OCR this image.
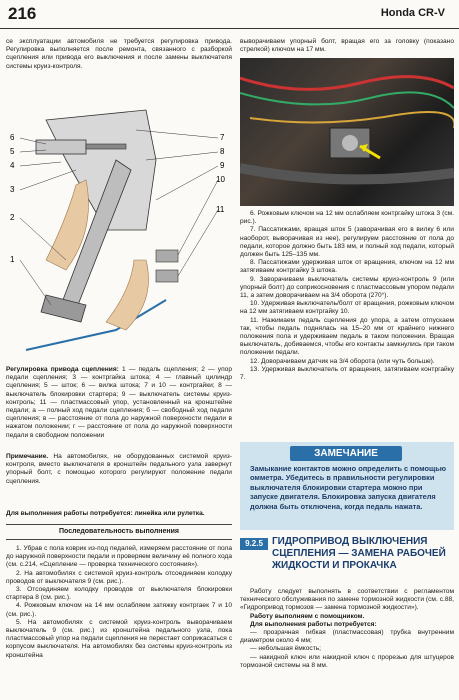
216	Honda CR-V

се эксплуатации автомобиля не требуется регулировка привода. Регулировка выполняется после ремонта, связанного с разборкой сцепления или привода его выключения и после замены выключателя системы круиз-контроля.

6
5
4
3
2
1
7
8
9
10
11

Регулировка привода сцепления: 1 — педаль сцепления; 2 — упор педали сцепления; 3 — контргайка штока; 4 — главный цилиндр сцепления; 5 — шток; 6 — вилка штока; 7 и 10 — контргайки; 8 — выключатель блокировки стартера; 9 — выключатель системы круиз-контроль; 11 — пластмассовый упор, установленный на кронштейне педали; а — полный ход педали сцепления; б — свободный ход педали сцепления; в — расстояние от пола до наружной поверхности педали в нажатом положении; г — расстояние от пола до наружной поверхности педали в свободном положении

Примечание. На автомобилях, не оборудованных системой круиз-контроля, вместо выключателя в кронштейн педального узла завернут упорный болт, с помощью которого регулируют положение педали сцепления.

Для выполнения работы потребуется: линейка или рулетка.
Последовательность выполнения

1. Убрав с пола коврик из-под педалей, измеряем расстояние от пола до наружной поверхности педали и проверяем величину её полного хода (см. с.214, «Сцепление — проверка технического состояния»).

2. На автомобилях с системой круиз-контроль отсоединяем колодку проводов от выключателя 9 (см. рис.).

3. Отсоединяем колодку проводов от выключателя блокировки стартера 8 (см. рис.).

4. Рожковым ключом на 14 мм ослабляем затяжку контргаек 7 и 10 (см. рис.).

5. На автомобилях с системой круиз-контроль выворачиваем выключатель 9 (см. рис.) из кронштейна педального узла, пока пластмассовый упор на педали сцепления не перестает соприкасаться с корпусом выключателя. На автомобилях без системы круиз-контроль из кронштейна

выворачиваем упорный болт, вращая его за головку (показано стрелкой) ключом на 17 мм.

6. Рожковым ключом на 12 мм ослабляем контргайку штока 3 (см. рис.).

7. Пассатижами, вращая шток 5 (заворачивая его в вилку 6 или наоборот, выворачивая из нее), регулируем расстояние от пола до педали, которое должно быть 183 мм, и полный ход педали, который должен быть 125–135 мм.

8. Пассатижами удерживая шток от вращения, ключом на 12 мм затягиваем контргайку 3 штока.

9. Заворачиваем выключатель системы круиз-контроль 9 (или упорный болт) до соприкосновения с пластмассовым упором педали 11, а затем доворачиваем на 3/4 оборота (270°).

10. Удерживая выключатель/болт от вращения, рожковым ключом на 12 мм затягиваем контргайку 10.

11. Нажимаем педаль сцепления до упора, а затем отпускаем так, чтобы педаль поднялась на 15–20 мм от крайнего нижнего положения пола и удерживаем педаль в таком положении. Вращая выключатель, добиваемся, чтобы его контакты замкнулись при таком положении педали.

12. Доворачиваем датчик на 3/4 оборота (или чуть больше).

13. Удерживая выключатель от вращения, затягиваем контргайку 7.

ЗАМЕЧАНИЕ
Замыкание контактов можно определить с помощью омметра. Убедитесь в правильности регулировки выключателя блокировки стартера можно при запуске двигателя. Блокировка запуска двигателя должна быть отключена, когда педаль нажата.
9.2.5 ГИДРОПРИВОД ВЫКЛЮЧЕНИЯ СЦЕПЛЕНИЯ — ЗАМЕНА РАБОЧЕЙ ЖИДКОСТИ И ПРОКАЧКА

Работу следует выполнять в соответствии с регламентом технического обслуживания по замене тормозной жидкости (см. с.88, «Гидропривод тормозов — замена тормозной жидкости»).

Работу выполняем с помощником.

Для выполнения работы потребуется:

— прозрачная гибкая (пластмассовая) трубка внутренним диаметром около 4 мм;

— небольшая ёмкость;

— накидной ключ или накидной ключ с прорезью для штуцеров тормозной системы на 8 мм.
